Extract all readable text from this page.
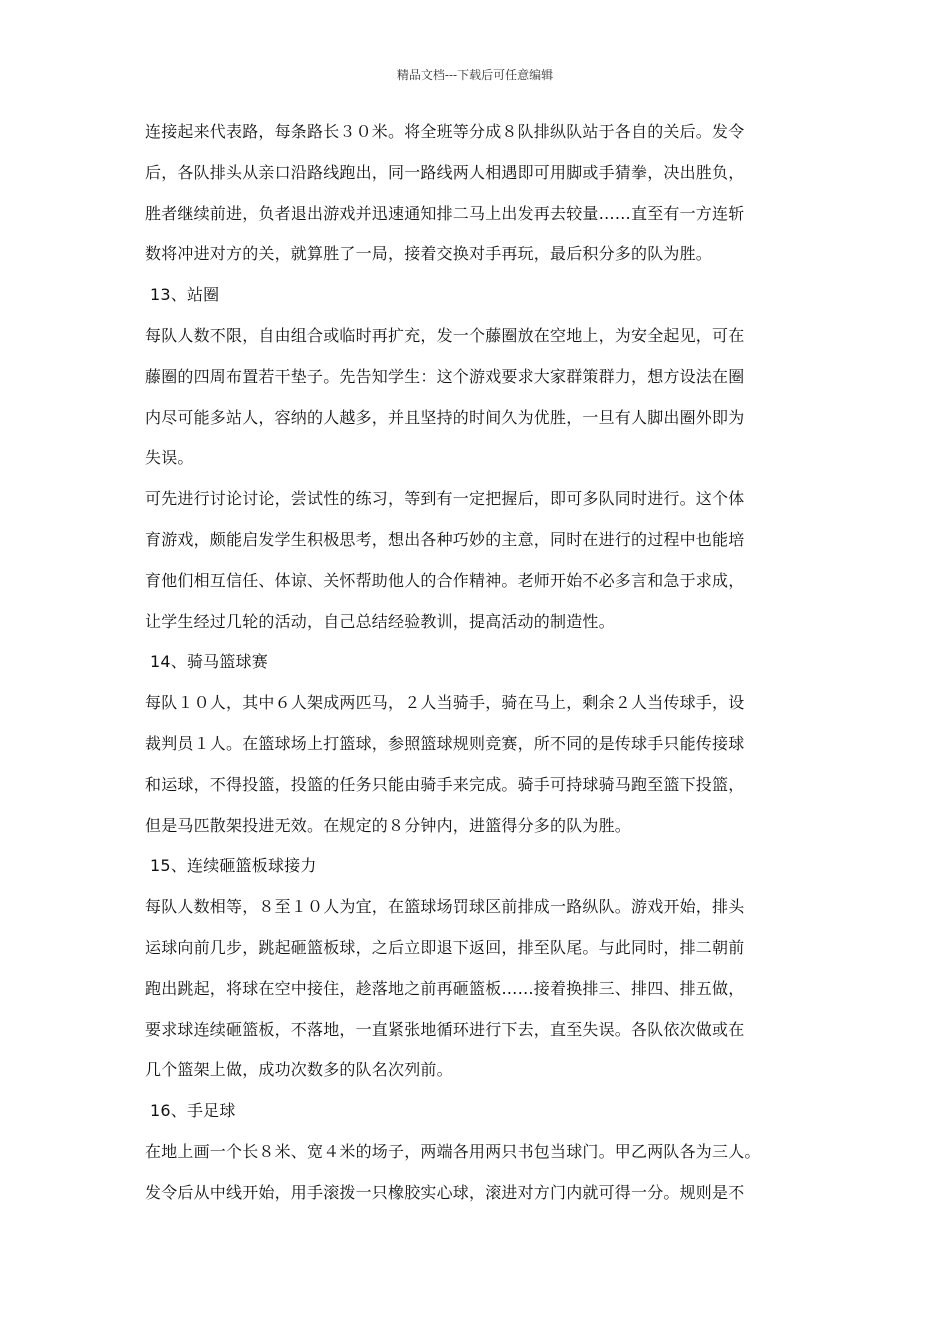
精品文档---下载后可任意编辑
连接起来代表路，每条路长３０米。将全班等分成８队排纵队站于各自的关后。发令
后，各队排头从亲口沿路线跑出，同一路线两人相遇即可用脚或手猜拳，决出胜负，
胜者继续前进，负者退出游戏并迅速通知排二马上出发再去较量……直至有一方连斩
数将冲进对方的关，就算胜了一局，接着交换对手再玩，最后积分多的队为胜。
13、站圈
每队人数不限，自由组合或临时再扩充，发一个藤圈放在空地上，为安全起见，可在
藤圈的四周布置若干垫子。先告知学生：这个游戏要求大家群策群力，想方设法在圈
内尽可能多站人，容纳的人越多，并且坚持的时间久为优胜，一旦有人脚出圈外即为
失误。
可先进行讨论讨论，尝试性的练习，等到有一定把握后，即可多队同时进行。这个体
育游戏，颇能启发学生积极思考，想出各种巧妙的主意，同时在进行的过程中也能培
育他们相互信任、体谅、关怀帮助他人的合作精神。老师开始不必多言和急于求成，
让学生经过几轮的活动，自己总结经验教训，提高活动的制造性。
14、骑马篮球赛
每队１０人，其中６人架成两匹马，２人当骑手，骑在马上，剩余２人当传球手，设
裁判员１人。在篮球场上打篮球，参照篮球规则竞赛，所不同的是传球手只能传接球
和运球，不得投篮，投篮的任务只能由骑手来完成。骑手可持球骑马跑至篮下投篮，
但是马匹散架投进无效。在规定的８分钟内，进篮得分多的队为胜。
15、连续砸篮板球接力
每队人数相等，８至１０人为宜，在篮球场罚球区前排成一路纵队。游戏开始，排头
运球向前几步，跳起砸篮板球，之后立即退下返回，排至队尾。与此同时，排二朝前
跑出跳起，将球在空中接住，趁落地之前再砸篮板……接着换排三、排四、排五做，
要求球连续砸篮板，不落地，一直紧张地循环进行下去，直至失误。各队依次做或在
几个篮架上做，成功次数多的队名次列前。
16、手足球
在地上画一个长８米、宽４米的场子，两端各用两只书包当球门。甲乙两队各为三人。
发令后从中线开始，用手滚拨一只橡胶实心球，滚进对方门内就可得一分。规则是不
